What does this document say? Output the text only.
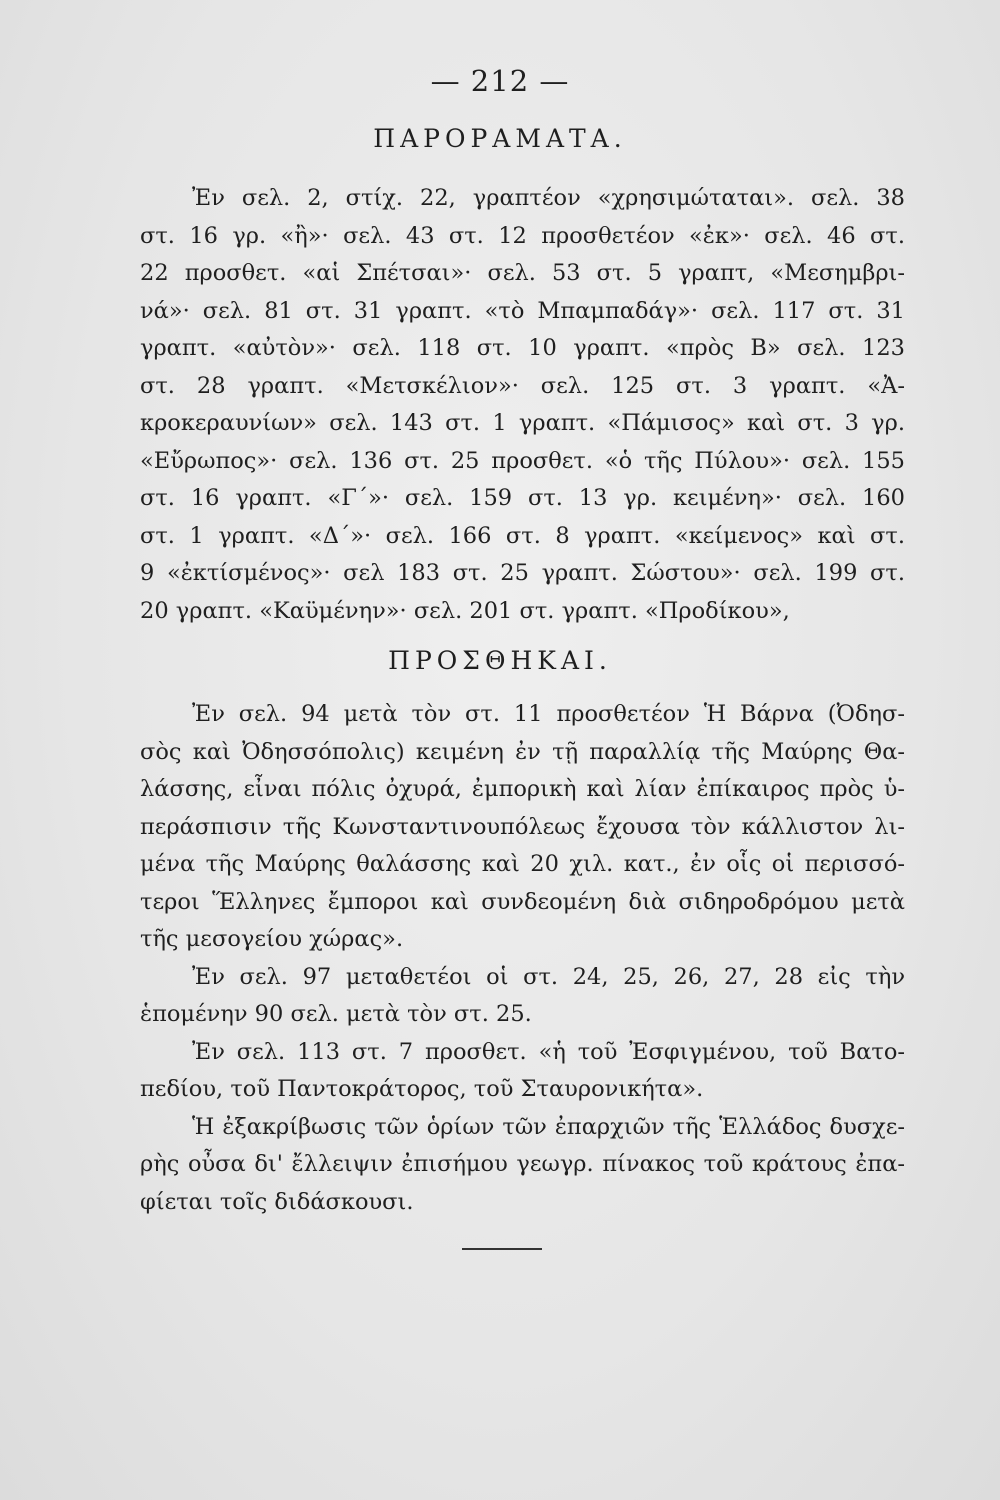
— 212 —
ΠΑΡΟΡΑΜΑΤΑ.
Ἐν σελ. 2, στίχ. 22, γραπτέον «χρησιμώταται». σελ. 38
στ. 16 γρ. «ἢ»· σελ. 43 στ. 12 προσθετέον «ἐκ»· σελ. 46 στ.
22 προσθετ. «αἱ Σπέτσαι»· σελ. 53 στ. 5 γραπτ, «Μεσημβρι-
νά»· σελ. 81 στ. 31 γραπτ. «τὸ Μπαμπαδάγ»· σελ. 117 στ. 31
γραπτ. «αὐτὸν»· σελ. 118 στ. 10 γραπτ. «πρὸς Β» σελ. 123
στ. 28 γραπτ. «Μετσκέλιον»· σελ. 125 στ. 3 γραπτ. «Ἀ-
κροκεραυνίων» σελ. 143 στ. 1 γραπτ. «Πάμισος» καὶ στ. 3 γρ.
«Εὔρωπος»· σελ. 136 στ. 25 προσθετ. «ὁ τῆς Πύλου»· σελ. 155
στ. 16 γραπτ. «Γ΄»· σελ. 159 στ. 13 γρ. κειμένη»· σελ. 160
στ. 1 γραπτ. «Δ΄»· σελ. 166 στ. 8 γραπτ. «κείμενος» καὶ στ.
9 «ἐκτίσμένος»· σελ 183 στ. 25 γραπτ. Σώστου»· σελ. 199 στ.
20 γραπτ. «Καϋμένην»· σελ. 201 στ. γραπτ. «Προδίκου»,
ΠΡΟΣΘΗΚΑΙ.
Ἐν σελ. 94 μετὰ τὸν στ. 11 προσθετέον Ἡ Βάρνα (Ὀδησ-
σὸς καὶ Ὀδησσόπολις) κειμένη ἐν τῇ παραλλίᾳ τῆς Μαύρης Θα-
λάσσης, εἶναι πόλις ὀχυρά, ἐμπορικὴ καὶ λίαν ἐπίκαιρος πρὸς ὑ-
περάσπισιν τῆς Κωνσταντινουπόλεως ἔχουσα τὸν κάλλιστον λι-
μένα τῆς Μαύρης θαλάσσης καὶ 20 χιλ. κατ., ἐν οἷς οἱ περισσό-
τεροι Ἕλληνες ἔμποροι καὶ συνδεομένη διὰ σιδηροδρόμου μετὰ
τῆς μεσογείου χώρας».
Ἐν σελ. 97 μεταθετέοι οἱ στ. 24, 25, 26, 27, 28 εἰς τὴν
ἑπομένην 90 σελ. μετὰ τὸν στ. 25.
Ἐν σελ. 113 στ. 7 προσθετ. «ἡ τοῦ Ἐσφιγμένου, τοῦ Βατο-
πεδίου, τοῦ Παντοκράτορος, τοῦ Σταυρονικήτα».
Ἡ ἐξακρίβωσις τῶν ὁρίων τῶν ἐπαρχιῶν τῆς Ἑλλάδος δυσχε-
ρὴς οὖσα δι' ἔλλειψιν ἐπισήμου γεωγρ. πίνακος τοῦ κράτους ἐπα-
φίεται τοῖς διδάσκουσι.
